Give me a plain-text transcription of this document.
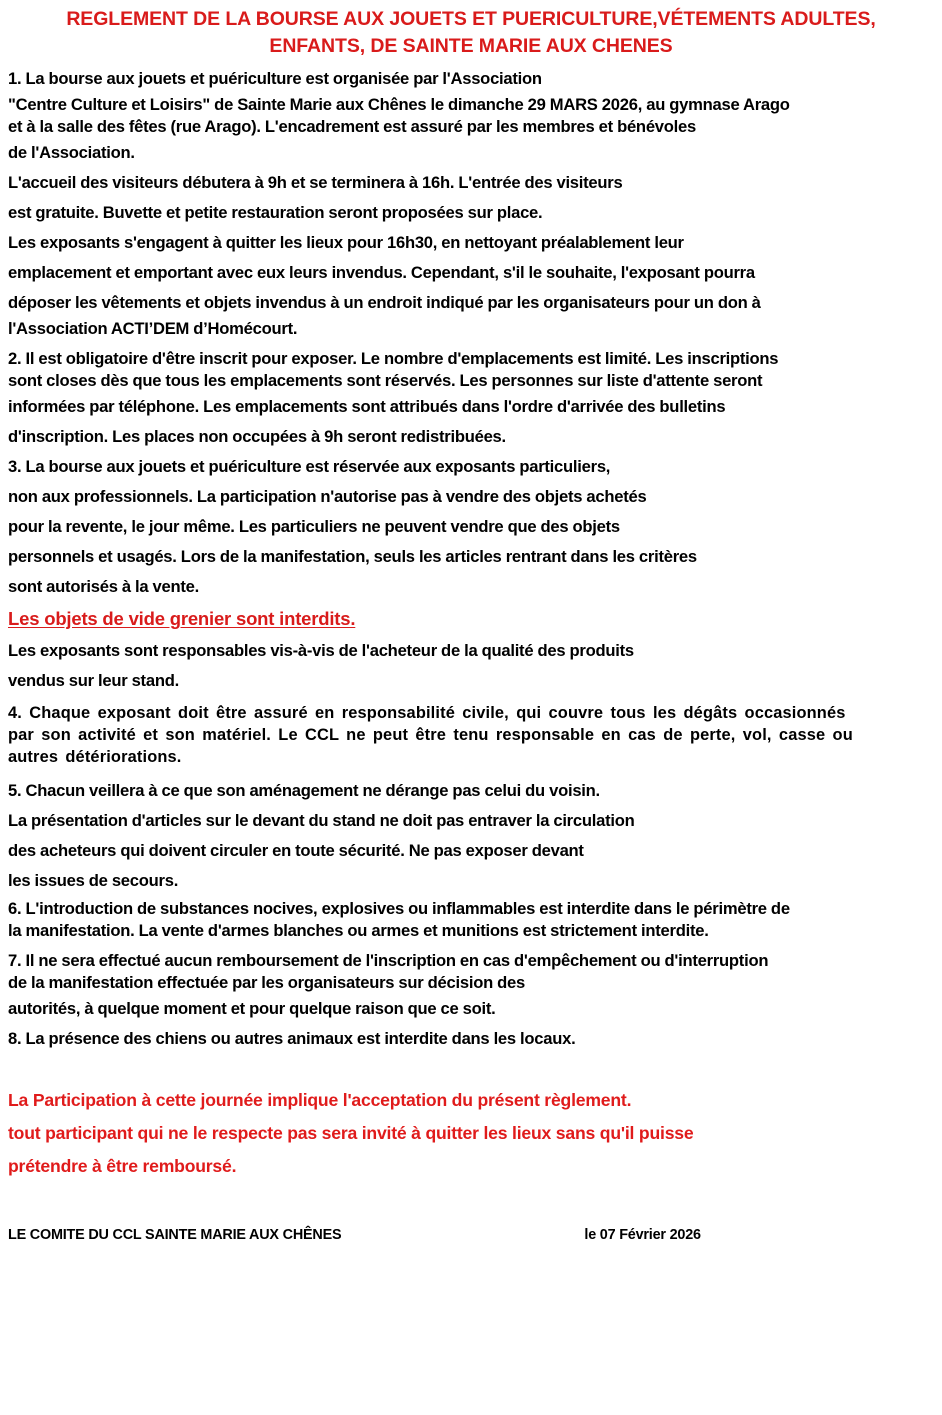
REGLEMENT DE LA BOURSE AUX JOUETS ET PUERICULTURE,VÉTEMENTS ADULTES,
ENFANTS, DE SAINTE MARIE AUX CHENES
1. La bourse aux jouets et puériculture est organisée par l'Association
"Centre Culture et Loisirs" de Sainte Marie aux Chênes le dimanche 29 MARS 2026, au gymnase Arago
et à la salle des fêtes (rue Arago). L'encadrement est assuré par les membres et bénévoles
de l'Association.
L'accueil des visiteurs débutera à 9h et se terminera à 16h. L'entrée des visiteurs
est gratuite. Buvette et petite restauration seront proposées sur place.
Les exposants s'engagent à quitter les lieux pour 16h30, en nettoyant préalablement leur
emplacement et emportant avec eux leurs invendus. Cependant, s'il le souhaite, l'exposant pourra
déposer les vêtements et objets invendus à un endroit indiqué par les organisateurs pour un don à
l'Association ACTI’DEM d’Homécourt.
2. Il est obligatoire d'être inscrit pour exposer. Le nombre d'emplacements est limité. Les inscriptions
sont closes dès que tous les emplacements sont réservés. Les personnes sur liste d'attente seront
informées par téléphone. Les emplacements sont attribués dans l'ordre d'arrivée des bulletins
d'inscription. Les places non occupées à 9h seront redistribuées.
3. La bourse aux jouets et puériculture est réservée aux exposants particuliers,
non aux professionnels. La participation n'autorise pas à vendre des objets achetés
pour la revente, le jour même. Les particuliers ne peuvent vendre que des objets
personnels et usagés. Lors de la manifestation, seuls les articles rentrant dans les critères
sont autorisés à la vente.
Les objets de vide grenier sont interdits.
Les exposants sont responsables vis-à-vis de l'acheteur de la qualité des produits
vendus sur leur stand.
4. Chaque exposant doit être assuré en responsabilité civile, qui couvre tous les dégâts occasionnés
par son activité et son matériel. Le CCL ne peut être tenu responsable en cas de perte, vol, casse ou
autres détériorations.
5. Chacun veillera à ce que son aménagement ne dérange pas celui du voisin.
La présentation d'articles sur le devant du stand ne doit pas entraver la circulation
des acheteurs qui doivent circuler en toute sécurité. Ne pas exposer devant
les issues de secours.
6. L'introduction de substances nocives, explosives ou inflammables est interdite dans le périmètre de
la manifestation. La vente d'armes blanches ou armes et munitions est strictement interdite.
7. Il ne sera effectué aucun remboursement de l'inscription en cas d'empêchement ou d'interruption
de la manifestation effectuée par les organisateurs sur décision des
autorités, à quelque moment et pour quelque raison que ce soit.
8. La présence des chiens ou autres animaux est interdite dans les locaux.
La Participation à cette journée implique l'acceptation du présent règlement.
tout participant qui ne le respecte pas sera invité à quitter les lieux sans qu'il puisse
prétendre à être remboursé.
LE COMITE DU CCL SAINTE MARIE AUX CHÊNES	le 07 Février 2026
